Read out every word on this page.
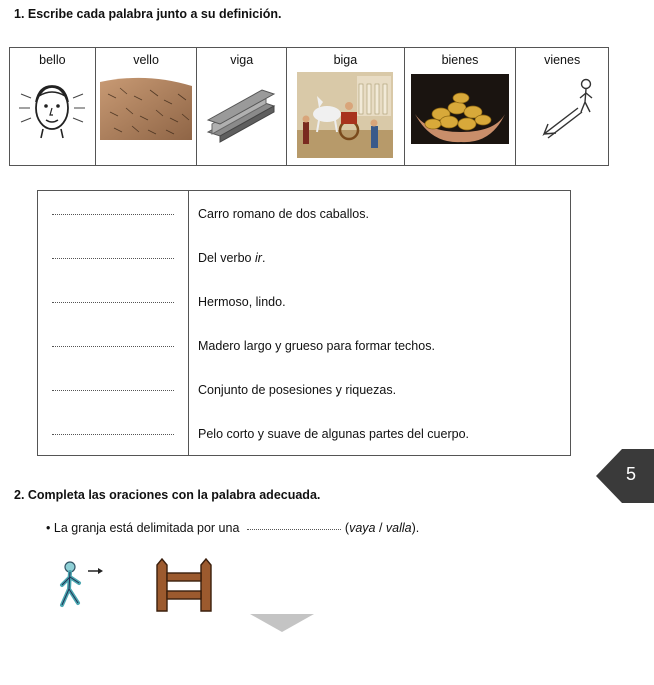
1. Escribe cada palabra junto a su definición.
bello	vello	viga	biga	bienes	vienes
Carro romano de dos caballos.
Del verbo ir.
Hermoso, lindo.
Madero largo y grueso para formar techos.
Conjunto de posesiones y riquezas.
Pelo corto y suave de algunas partes del cuerpo.
5
2. Completa las oraciones con la palabra adecuada.
• La granja está delimitada por una	(vaya / valla).
